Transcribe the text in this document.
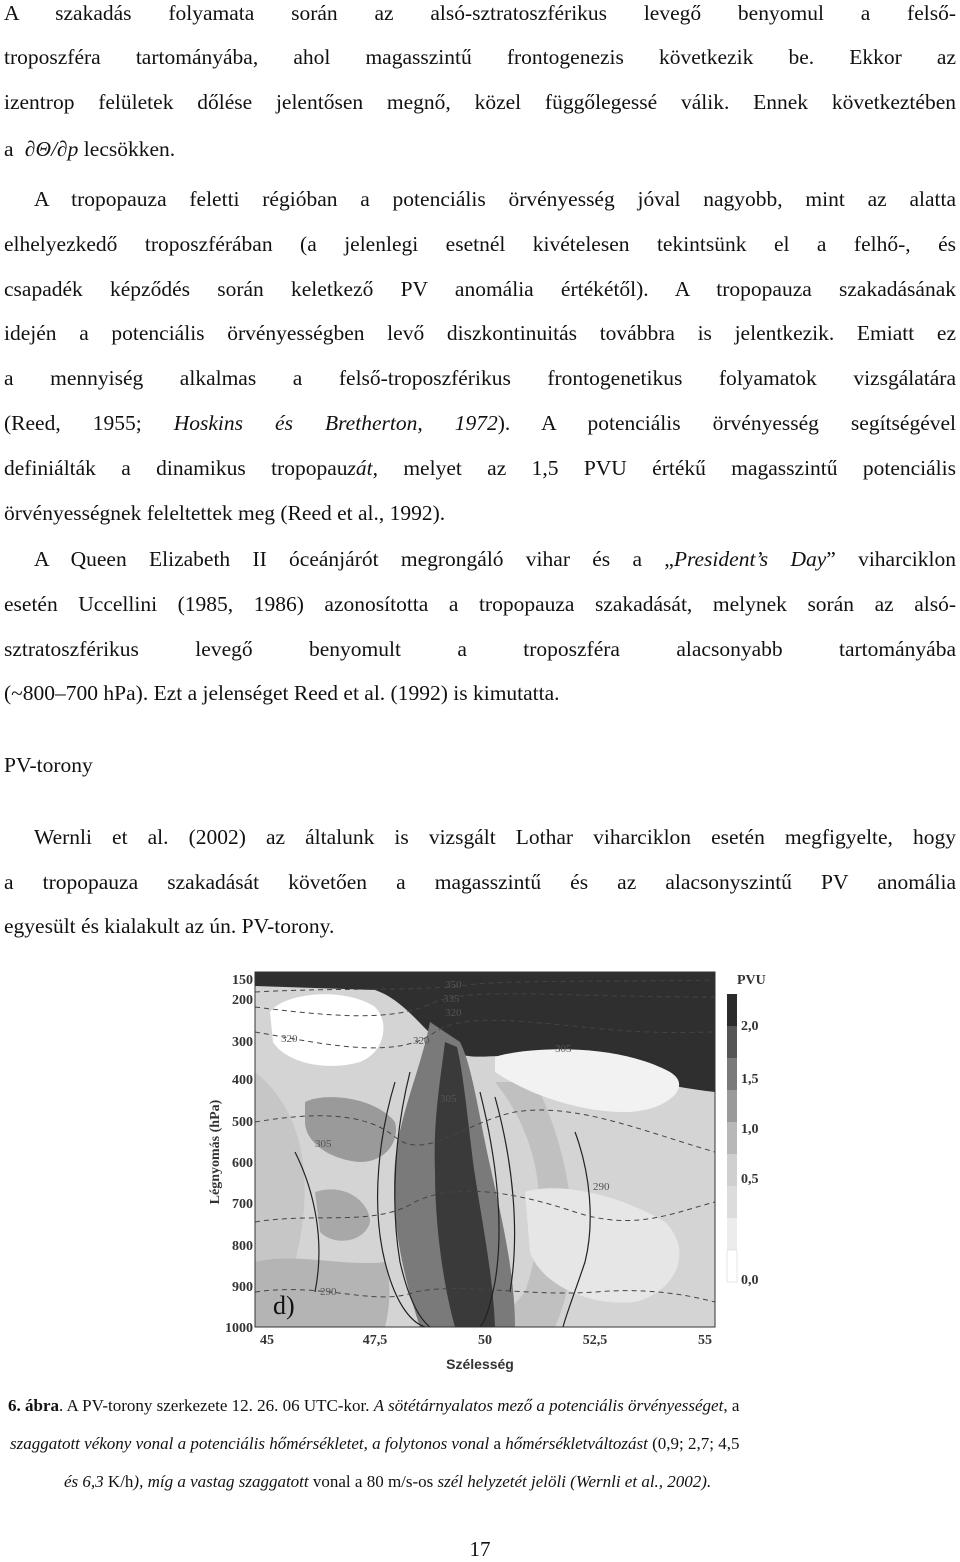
A szakadás folyamata során az alsó-sztratoszférikus levegő benyomul a felső-
troposzféra tartományába, ahol magasszintű frontogenezis következik be. Ekkor az
izentrop felületek dőlése jelentősen megnő, közel függőlegessé válik. Ennek következtében
a ∂Θ/∂p lecsökken.
A tropopauza feletti régióban a potenciális örvényesség jóval nagyobb, mint az alatta
elhelyezkedő troposzférában (a jelenlegi esetnél kivételesen tekintsünk el a felhő-, és
csapadék képződés során keletkező PV anomália értékétől). A tropopauza szakadásának
idején a potenciális örvényességben levő diszkontinuitás továbbra is jelentkezik. Emiatt ez
a mennyiség alkalmas a felső-troposzférikus frontogenetikus folyamatok vizsgálatára
(Reed, 1955; Hoskins és Bretherton, 1972). A potenciális örvényesség segítségével
definiálták a dinamikus tropopauzát, melyet az 1,5 PVU értékű magasszintű potenciális
örvényességnek feleltettek meg (Reed et al., 1992).
A Queen Elizabeth II óceánjárót megrongáló vihar és a „President’s Day” viharciklon
esetén Uccellini (1985, 1986) azonosította a tropopauza szakadását, melynek során az alsó-
sztratoszférikus levegő benyomult a troposzféra alacsonyabb tartományába
(~800–700 hPa). Ezt a jelenséget Reed et al. (1992) is kimutatta.
PV-torony
Wernli et al. (2002) az általunk is vizsgált Lothar viharciklon esetén megfigyelte, hogy
a tropopauza szakadását követően a magasszintű és az alacsonyszintű PV anomália
egyesült és kialakult az ún. PV-torony.
350
335
320
320
305
320
305
305
290
290
d)
150
200
300
400
500
600
700
800
900
1000
Légnyomás (hPa)
45	47,5	50	52,5	55
PVU
2,0
1,5
1,0
0,5
0,0
Szélesség
6. ábra. A PV-torony szerkezete 12. 26. 06 UTC-kor. A sötétárnyalatos mező a potenciális örvényességet, a
szaggatott vékony vonal a potenciális hőmérsékletet, a folytonos vonal a hőmérsékletváltozást (0,9; 2,7; 4,5
és 6,3 K/h), míg a vastag szaggatott vonal a 80 m/s-os szél helyzetét jelöli (Wernli et al., 2002).
17
